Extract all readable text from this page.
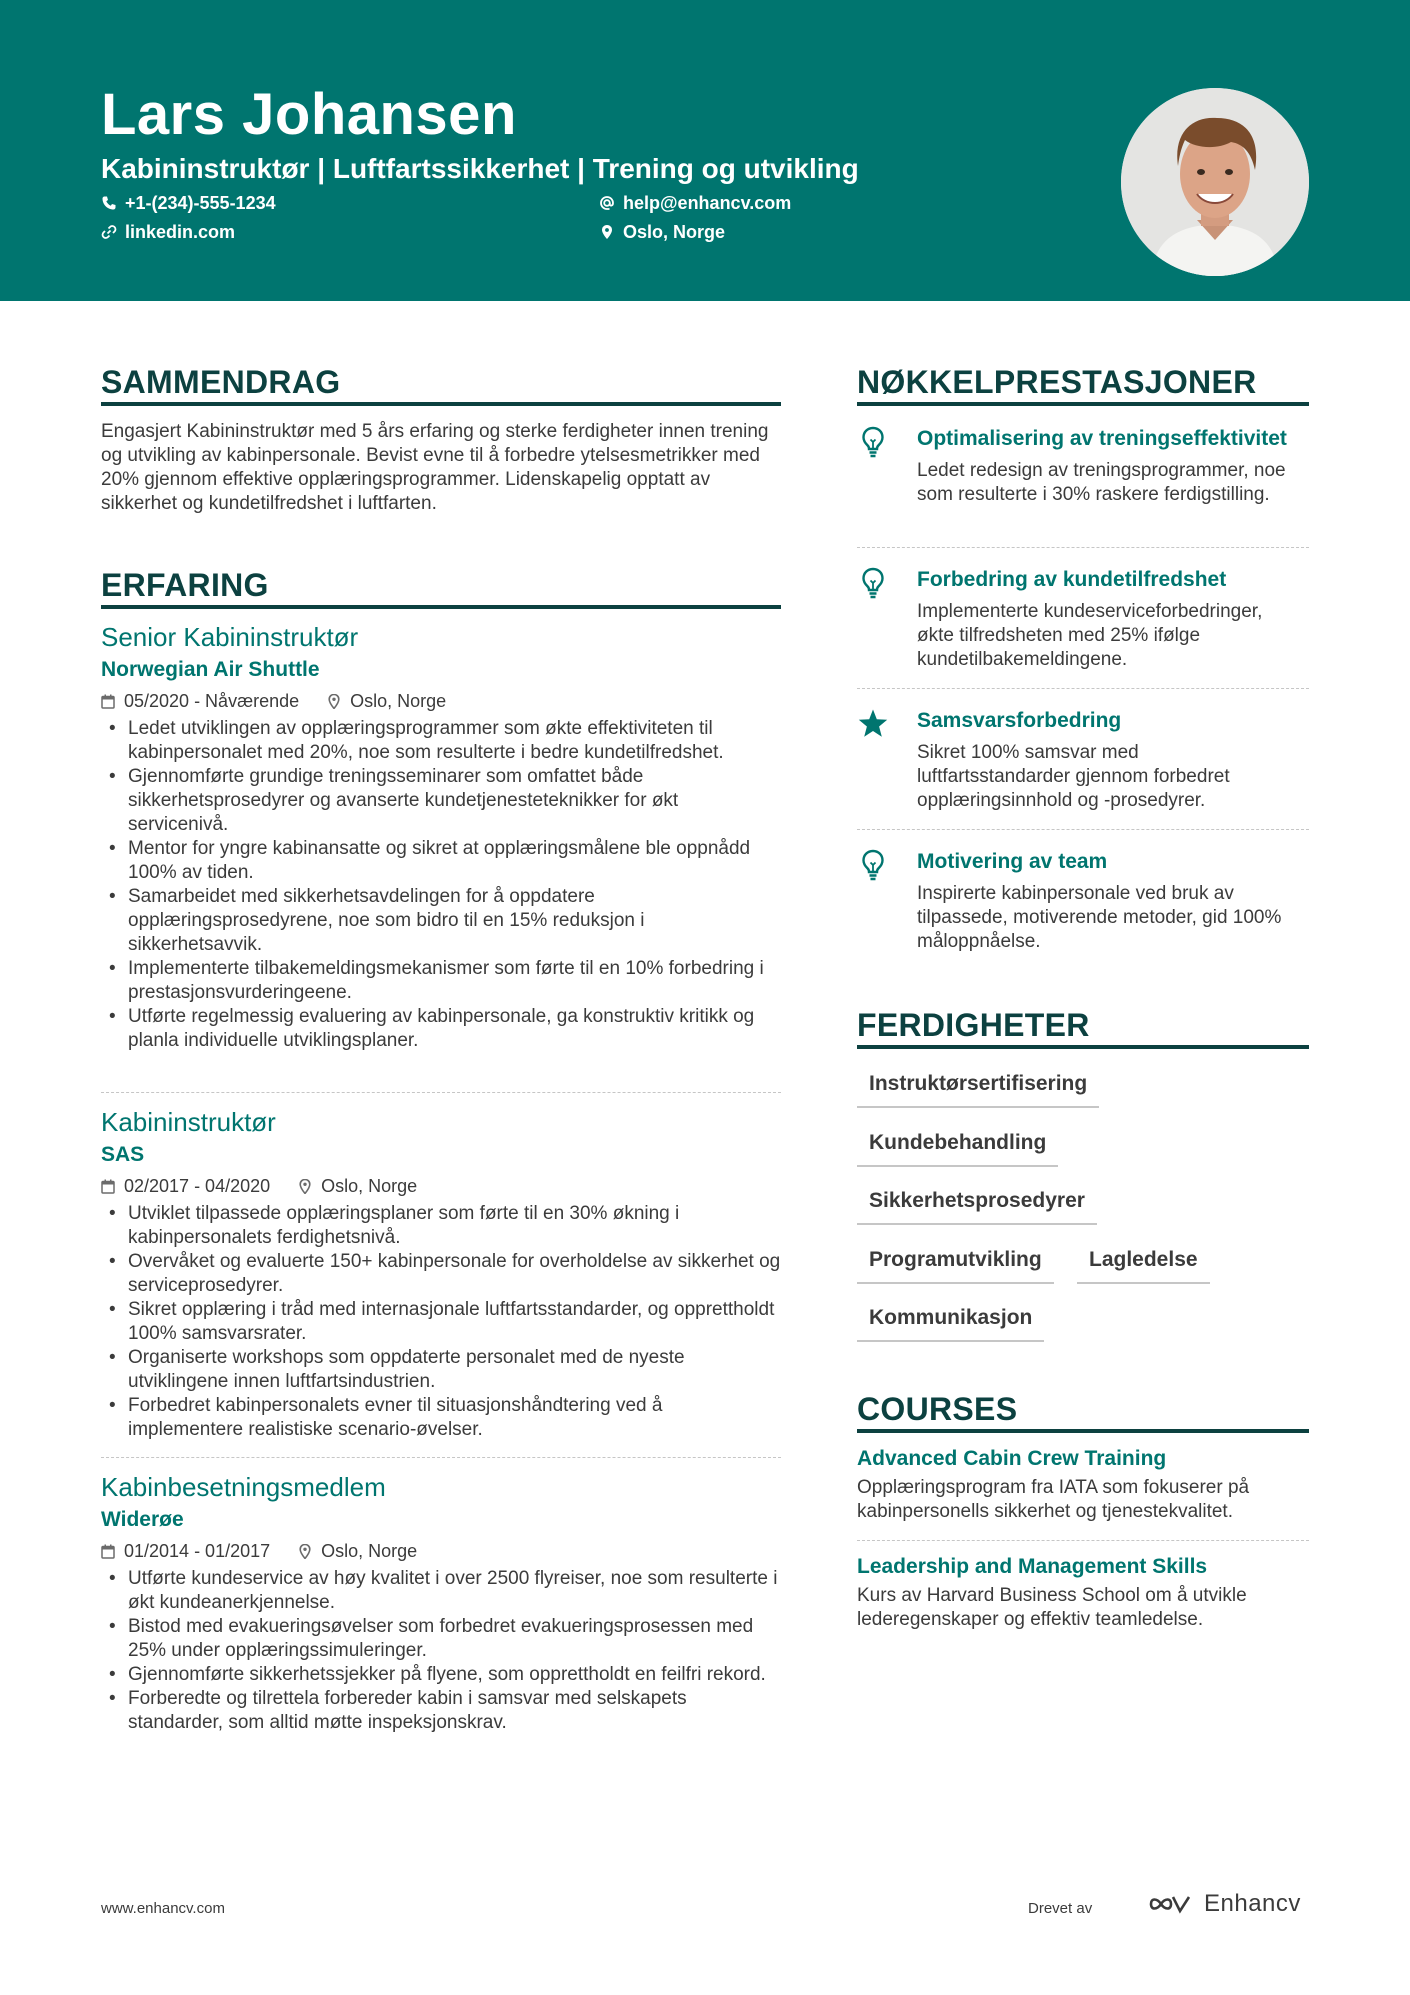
Lars Johansen
Kabininstruktør | Luftfartssikkerhet | Trening og utvikling
+1-(234)-555-1234	help@enhancv.com
linkedin.com	Oslo, Norge
SAMMENDRAG
Engasjert Kabininstruktør med 5 års erfaring og sterke ferdigheter innen trening og utvikling av kabinpersonale. Bevist evne til å forbedre ytelsesmetrikker med 20% gjennom effektive opplæringsprogrammer. Lidenskapelig opptatt av sikkerhet og kundetilfredshet i luftfarten.
ERFARING
Senior Kabininstruktør
Norwegian Air Shuttle
05/2020 - Nåværende	Oslo, Norge
• Ledet utviklingen av opplæringsprogrammer som økte effektiviteten til kabinpersonalet med 20%, noe som resulterte i bedre kundetilfredshet.
• Gjennomførte grundige treningsseminarer som omfattet både sikkerhetsprosedyrer og avanserte kundetjenesteteknikker for økt servicenivå.
• Mentor for yngre kabinansatte og sikret at opplæringsmålene ble oppnådd 100% av tiden.
• Samarbeidet med sikkerhetsavdelingen for å oppdatere opplæringsprosedyrene, noe som bidro til en 15% reduksjon i sikkerhetsavvik.
• Implementerte tilbakemeldingsmekanismer som førte til en 10% forbedring i prestasjonsvurderingeene.
• Utførte regelmessig evaluering av kabinpersonale, ga konstruktiv kritikk og planla individuelle utviklingsplaner.
Kabininstruktør
SAS
02/2017 - 04/2020	Oslo, Norge
• Utviklet tilpassede opplæringsplaner som førte til en 30% økning i kabinpersonalets ferdighetsnivå.
• Overvåket og evaluerte 150+ kabinpersonale for overholdelse av sikkerhet og serviceprosedyrer.
• Sikret opplæring i tråd med internasjonale luftfartsstandarder, og opprettholdt 100% samsvarsrater.
• Organiserte workshops som oppdaterte personalet med de nyeste utviklingene innen luftfartsindustrien.
• Forbedret kabinpersonalets evner til situasjonshåndtering ved å implementere realistiske scenario-øvelser.
Kabinbesetningsmedlem
Widerøe
01/2014 - 01/2017	Oslo, Norge
• Utførte kundeservice av høy kvalitet i over 2500 flyreiser, noe som resulterte i økt kundeanerkjennelse.
• Bistod med evakueringsøvelser som forbedret evakueringsprosessen med 25% under opplæringssimuleringer.
• Gjennomførte sikkerhetssjekker på flyene, som opprettholdt en feilfri rekord.
• Forberedte og tilrettela forbereder kabin i samsvar med selskapets standarder, som alltid møtte inspeksjonskrav.
NØKKELPRESTASJONER
Optimalisering av treningseffektivitet
Ledet redesign av treningsprogrammer, noe som resulterte i 30% raskere ferdigstilling.
Forbedring av kundetilfredshet
Implementerte kundeserviceforbedringer, økte tilfredsheten med 25% ifølge kundetilbakemeldingene.
Samsvarsforbedring
Sikret 100% samsvar med luftfartsstandarder gjennom forbedret opplæringsinnhold og -prosedyrer.
Motivering av team
Inspirerte kabinpersonale ved bruk av tilpassede, motiverende metoder, gid 100% måloppnåelse.
FERDIGHETER
Instruktørsertifisering
Kundebehandling
Sikkerhetsprosedyrer
Programutvikling	Lagledelse
Kommunikasjon
COURSES
Advanced Cabin Crew Training
Opplæringsprogram fra IATA som fokuserer på kabinpersonells sikkerhet og tjenestekvalitet.
Leadership and Management Skills
Kurs av Harvard Business School om å utvikle lederegenskaper og effektiv teamledelse.
www.enhancv.com	Drevet av	Enhancv
